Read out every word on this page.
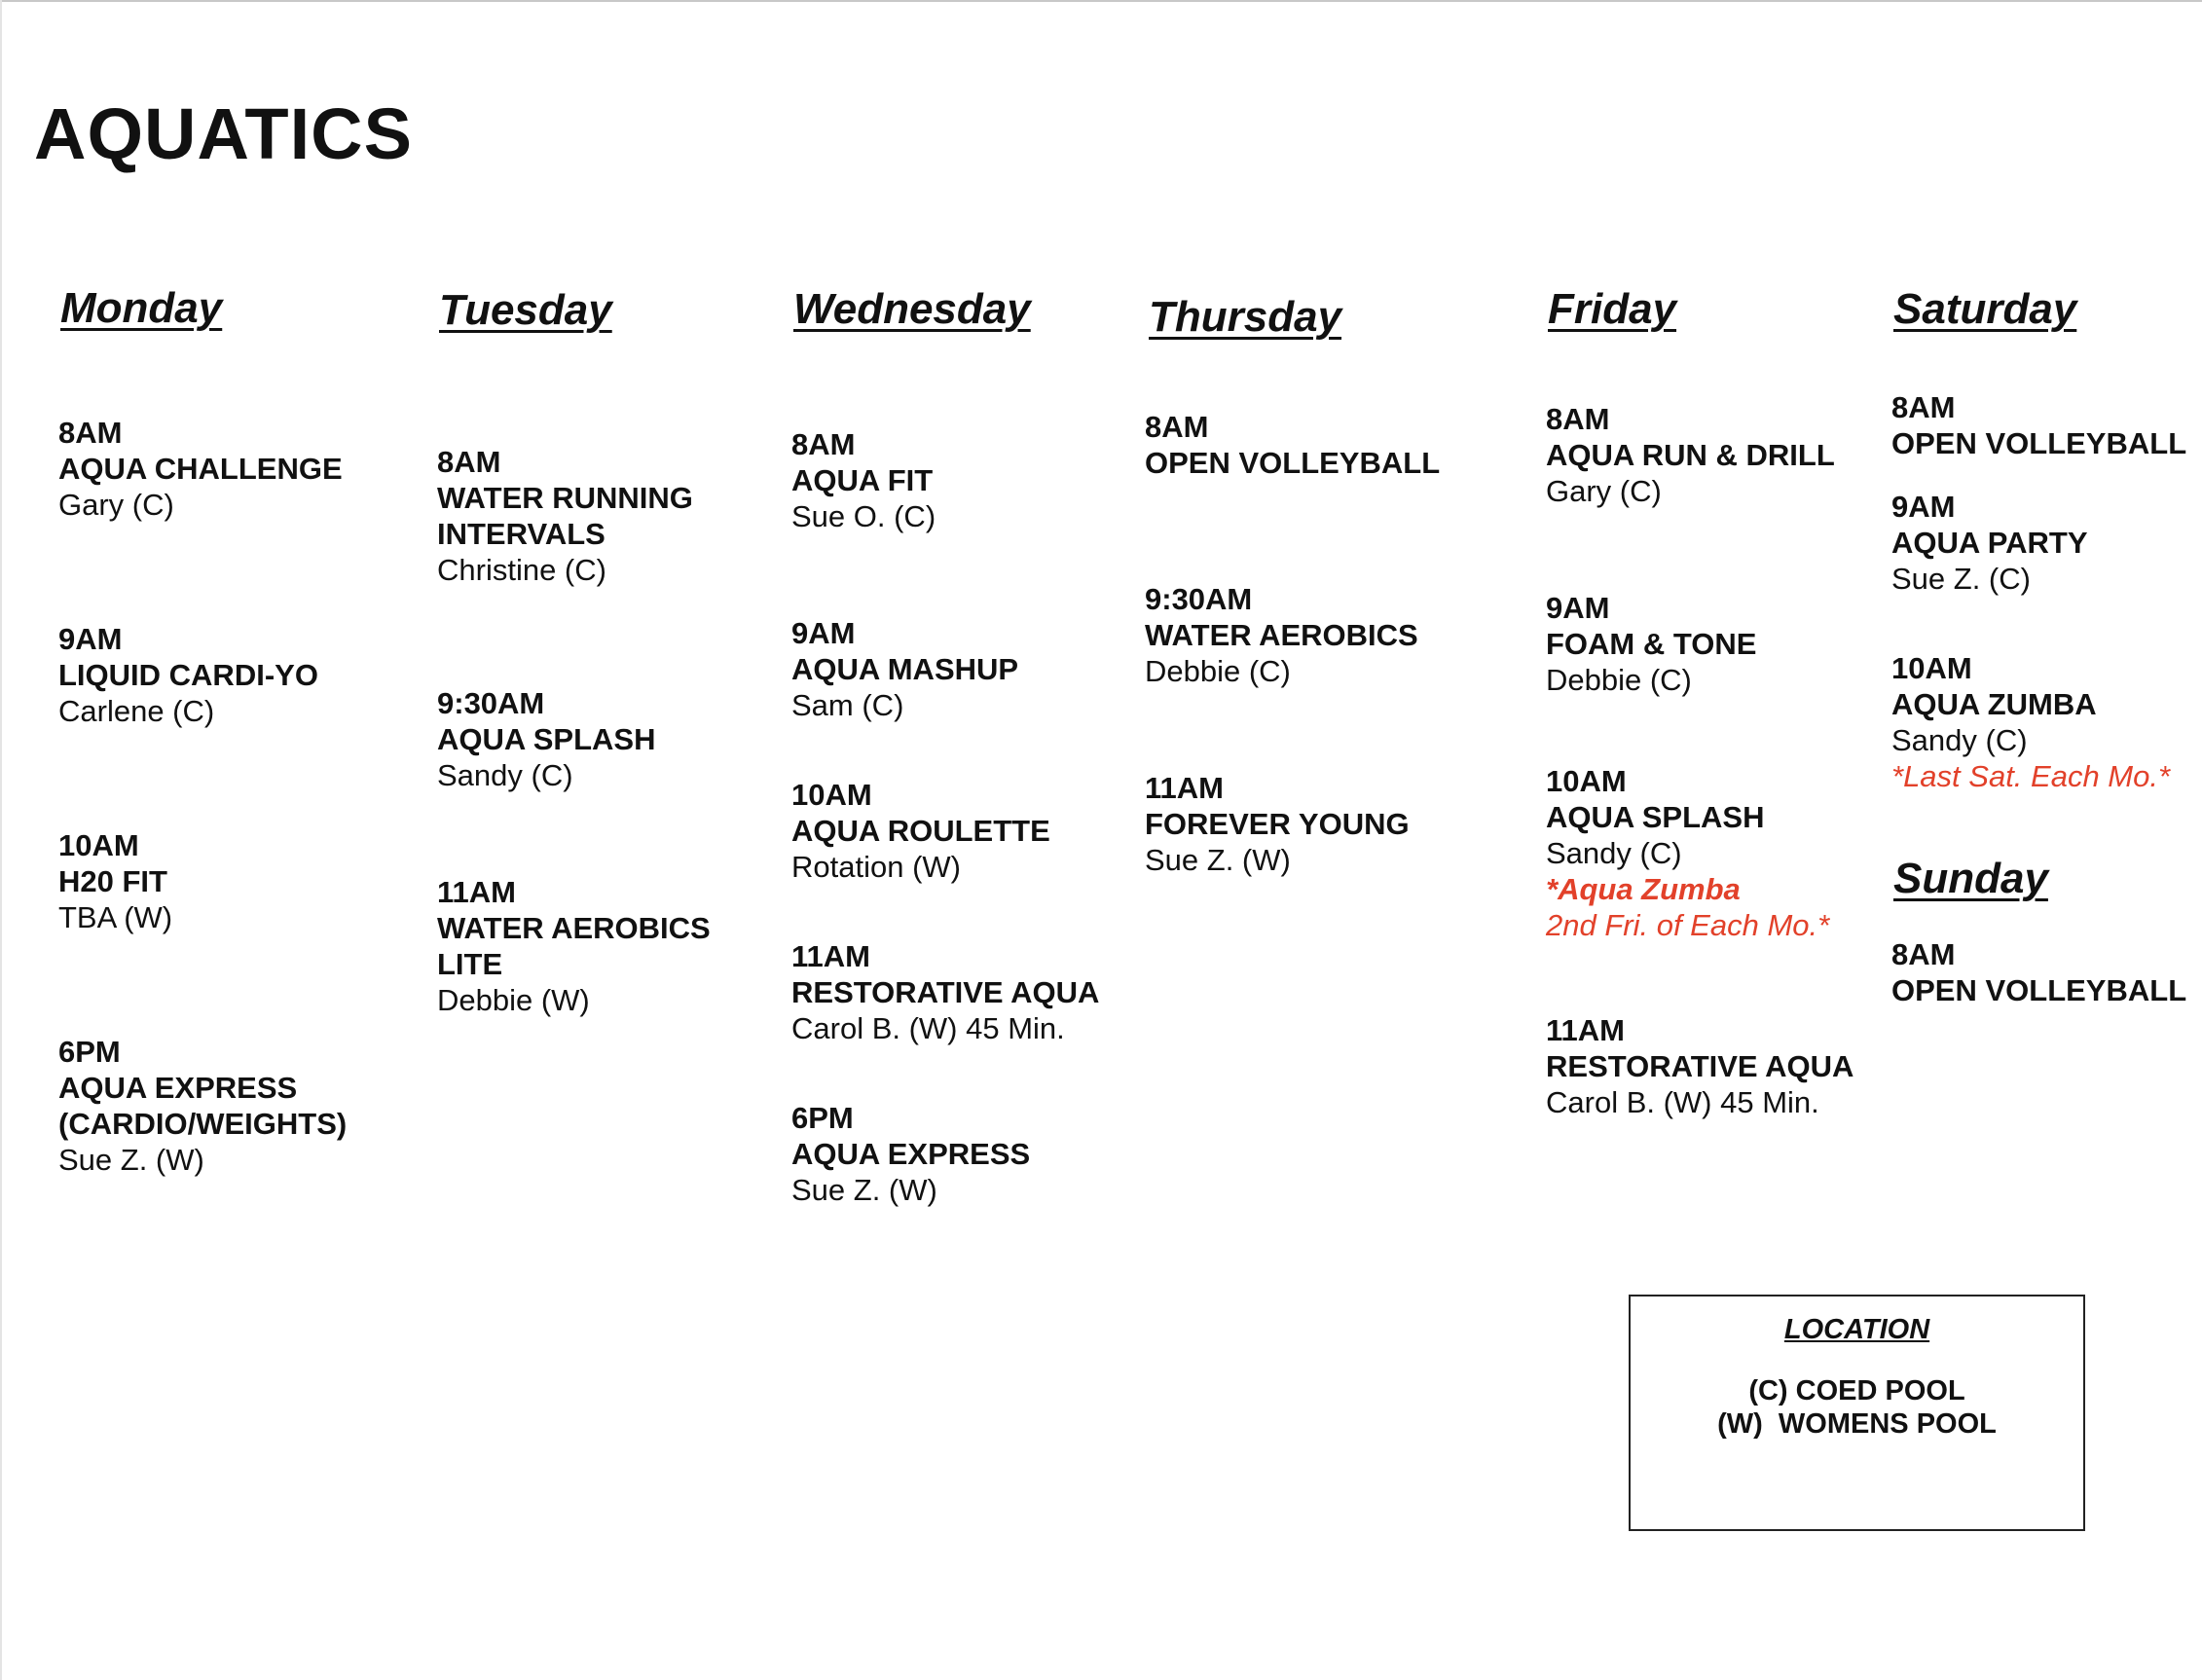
AQUATICS
Monday
8AM
AQUA CHALLENGE
Gary (C)
9AM
LIQUID CARDI-YO
Carlene (C)
10AM
H20 FIT
TBA (W)
6PM
AQUA EXPRESS
(CARDIO/WEIGHTS)
Sue Z. (W)
Tuesday
8AM
WATER RUNNING
INTERVALS
Christine (C)
9:30AM
AQUA SPLASH
Sandy (C)
11AM
WATER AEROBICS
LITE
Debbie (W)
Wednesday
8AM
AQUA FIT
Sue O. (C)
9AM
AQUA MASHUP
Sam (C)
10AM
AQUA ROULETTE
Rotation (W)
11AM
RESTORATIVE AQUA
Carol B. (W) 45 Min.
6PM
AQUA EXPRESS
Sue Z. (W)
Thursday
8AM
OPEN VOLLEYBALL
9:30AM
WATER AEROBICS
Debbie (C)
11AM
FOREVER YOUNG
Sue Z. (W)
Friday
8AM
AQUA RUN & DRILL
Gary (C)
9AM
FOAM & TONE
Debbie (C)
10AM
AQUA SPLASH
Sandy (C)
*Aqua Zumba
2nd Fri. of Each Mo.*
11AM
RESTORATIVE AQUA
Carol B. (W) 45 Min.
Saturday
8AM
OPEN VOLLEYBALL
9AM
AQUA PARTY
Sue Z. (C)
10AM
AQUA ZUMBA
Sandy (C)
*Last Sat. Each Mo.*
Sunday
8AM
OPEN VOLLEYBALL
LOCATION
(C) COED POOL
(W)  WOMENS POOL
